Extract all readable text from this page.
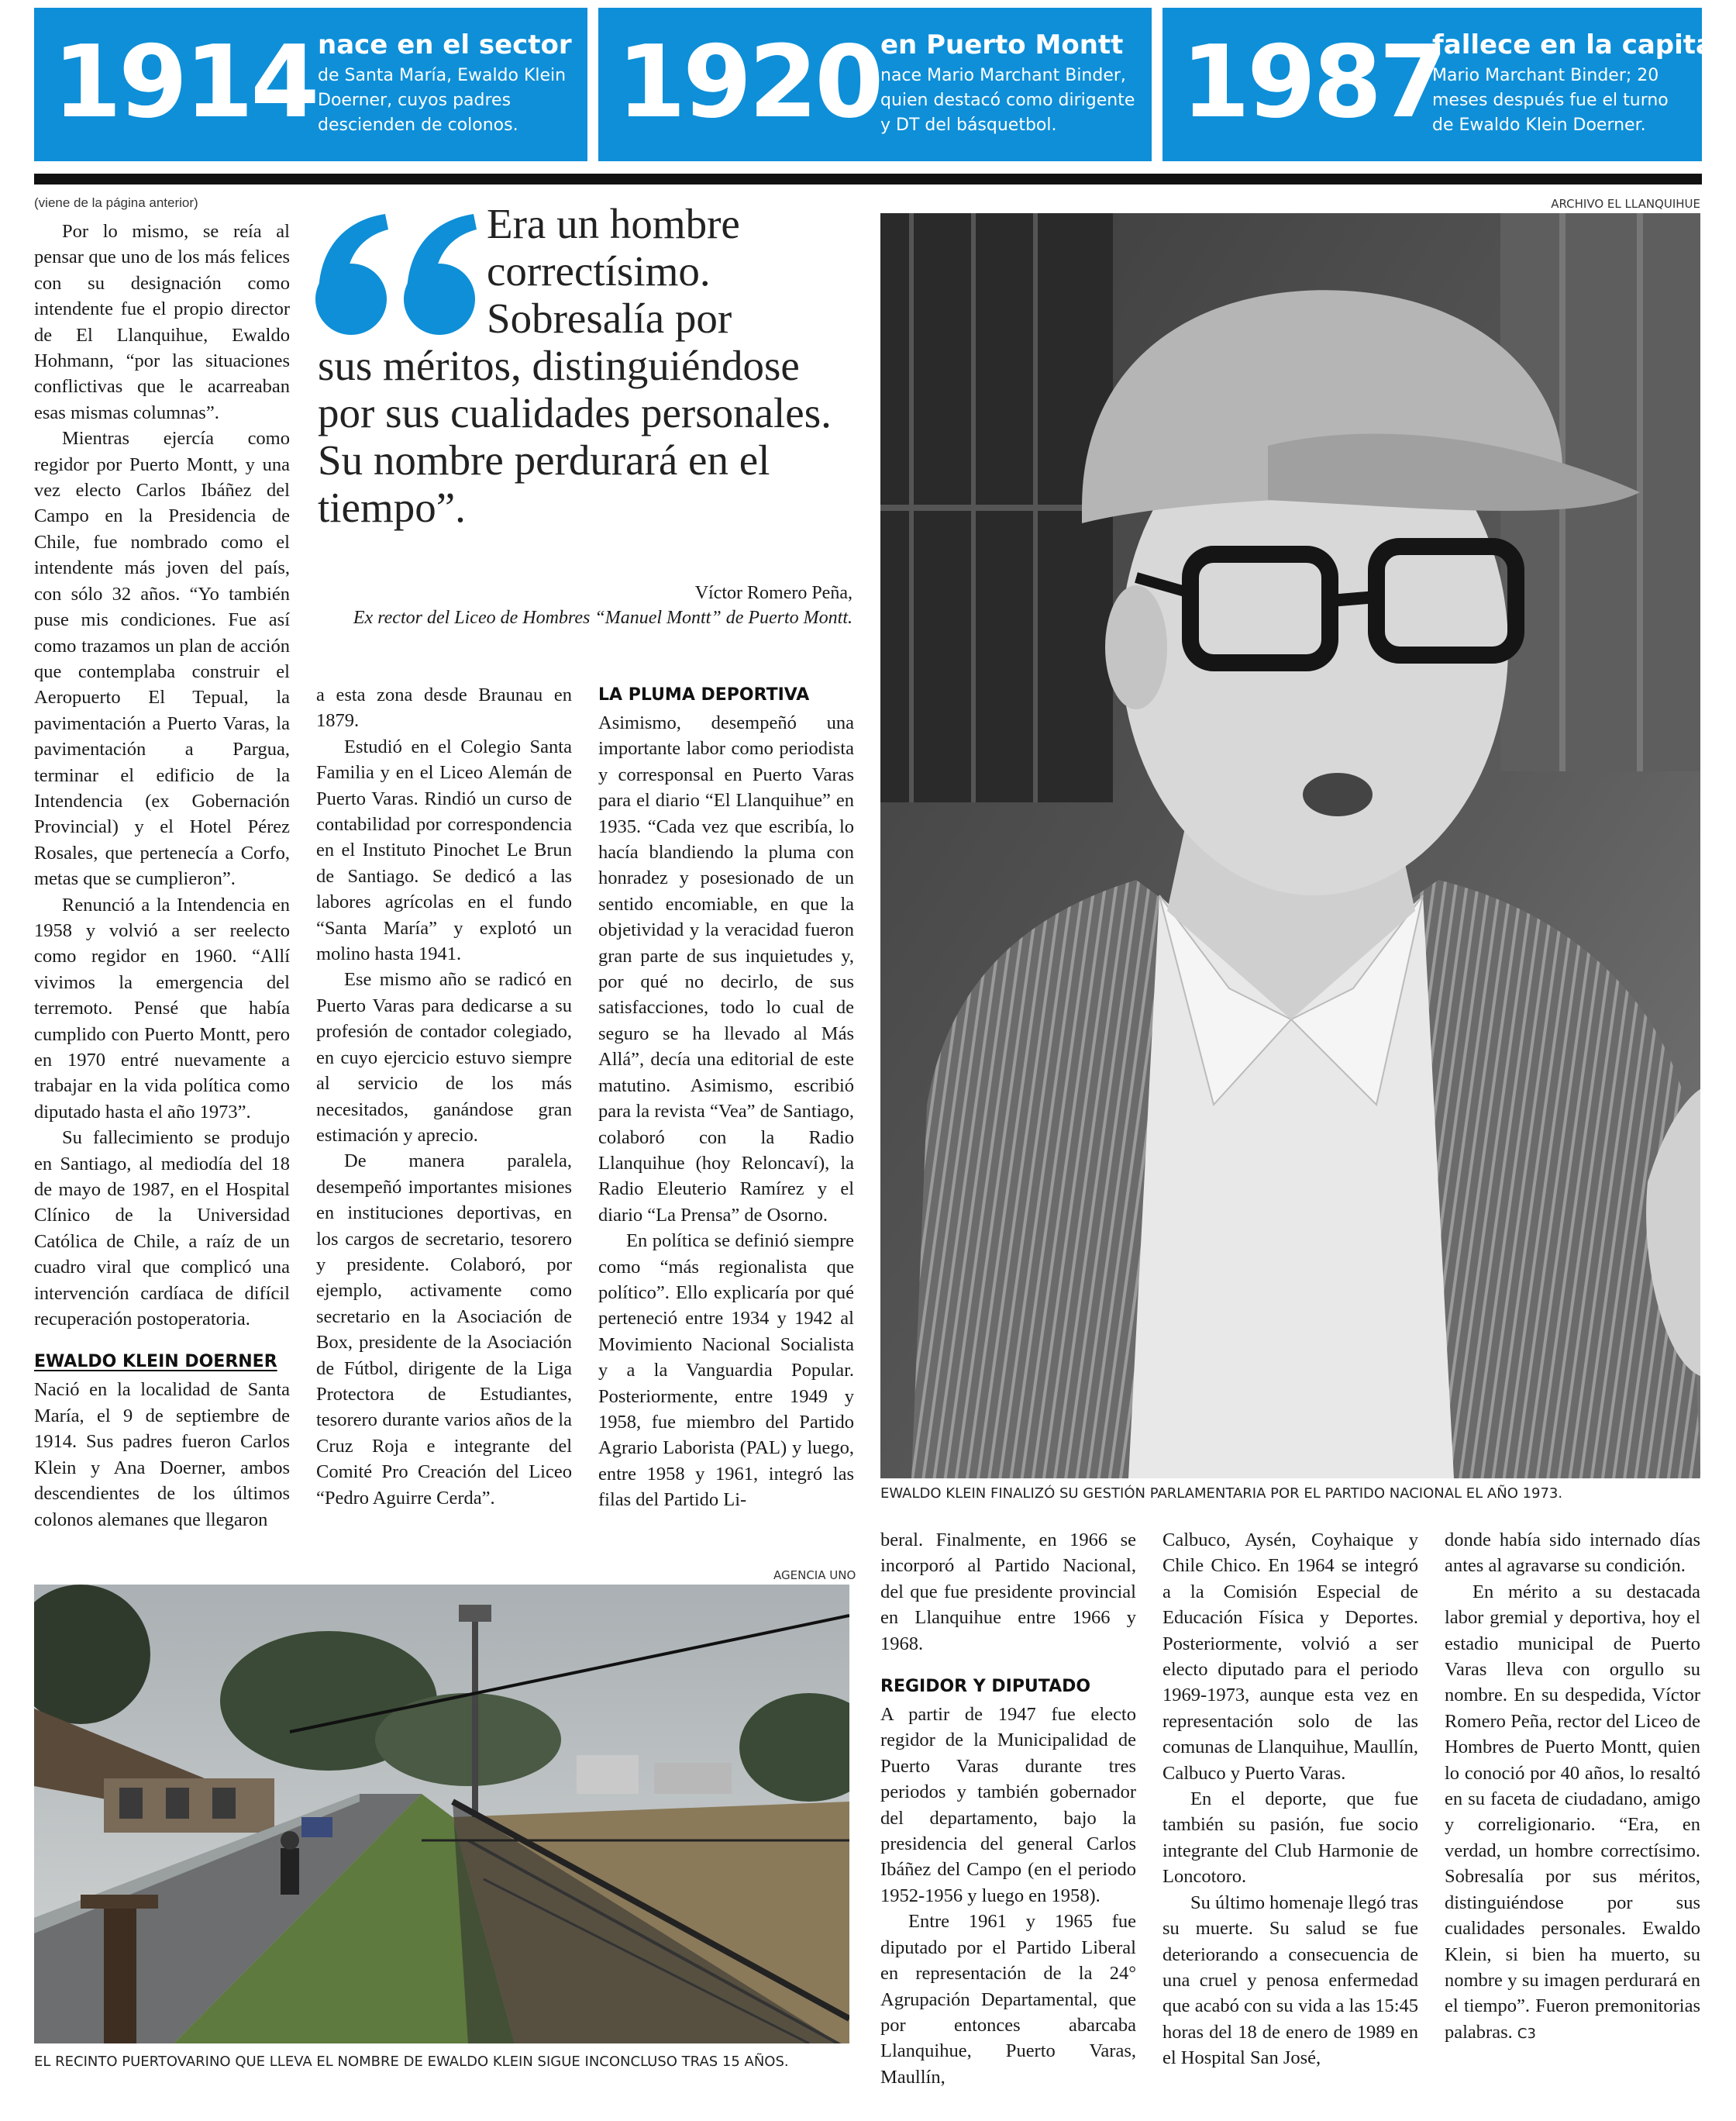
1914 nace en el sector
de Santa María, Ewaldo Klein Doerner, cuyos padres descienden de colonos. 1920 en Puerto Montt
nace Mario Marchant Binder, quien destacó como dirigente y DT del básquetbol.	1987
fallece en la capital
Mario Marchant Binder; 20 meses después fue el turno de Ewaldo Klein Doerner.
(viene de la página anterior)

Por lo mismo, se reía al pensar que uno de los más felices con su designación como intendente fue el propio director de El Llanquihue, Ewaldo Hohmann, “por las situaciones conflictivas que le acarreaban esas mismas columnas”.

Mientras ejercía como regidor por Puerto Montt, y una vez electo Carlos Ibáñez del Campo en la Presidencia de Chile, fue nombrado como el intendente más joven del país, con sólo 32 años. “Yo también puse mis condiciones. Fue así como trazamos un plan de acción que contemplaba construir el Aeropuerto El Tepual, la pavimentación a Puerto Varas, la pavimentación a Pargua, terminar el edificio de la Intendencia (ex Gobernación Provincial) y el Hotel Pérez Rosales, que pertenecía a Corfo, metas que se cumplieron”.

Renunció a la Intendencia en 1958 y volvió a ser reelecto como regidor en 1960. “Allí vivimos la emergencia del terremoto. Pensé que había cumplido con Puerto Montt, pero en 1970 entré nuevamente a trabajar en la vida política como diputado hasta el año 1973”.

Su fallecimiento se produjo en Santiago, al mediodía del 18 de mayo de 1987, en el Hospital Clínico de la Universidad Católica de Chile, a raíz de un cuadro viral que complicó una intervención cardíaca de difícil recuperación postoperatoria.

EWALDO KLEIN DOERNER

Nació en la localidad de Santa María, el 9 de septiembre de 1914. Sus padres fueron Carlos Klein y Ana Doerner, ambos descendientes de los últimos colonos alemanes que llegaron

Era un hombre correctísimo. Sobresalía por
sus méritos, distinguiéndose por sus cualidades personales. Su nombre perdurará en el tiempo”.
Víctor Romero Peña,
Ex rector del Liceo de Hombres “Manuel Montt” de Puerto Montt.

a esta zona desde Braunau en 1879.

Estudió en el Colegio Santa Familia y en el Liceo Alemán de Puerto Varas. Rindió un curso de contabilidad por correspondencia en el Instituto Pinochet Le Brun de Santiago. Se dedicó a las labores agrícolas en el fundo “Santa María” y explotó un molino hasta 1941.

Ese mismo año se radicó en Puerto Varas para dedicarse a su profesión de contador colegiado, en cuyo ejercicio estuvo siempre al servicio de los más necesitados, ganándose gran estimación y aprecio.

De manera paralela, desempeñó importantes misiones en instituciones deportivas, en los cargos de secretario, tesorero y presidente. Colaboró, por ejemplo, activamente como secretario en la Asociación de Box, presidente de la Asociación de Fútbol, dirigente de la Liga Protectora de Estudiantes, tesorero durante varios años de la Cruz Roja e integrante del Comité Pro Creación del Liceo “Pedro Aguirre Cerda”.

LA PLUMA DEPORTIVA

Asimismo, desempeñó una importante labor como periodista y corresponsal en Puerto Varas para el diario “El Llanquihue” en 1935. “Cada vez que escribía, lo hacía blandiendo la pluma con honradez y posesionado de un sentido encomiable, en que la objetividad y la veracidad fueron gran parte de sus inquietudes y, por qué no decirlo, de sus satisfacciones, todo lo cual de seguro se ha llevado al Más Allá”, decía una editorial de este matutino. Asimismo, escribió para la revista “Vea” de Santiago, colaboró con la Radio Llanquihue (hoy Reloncaví), la Radio Eleuterio Ramírez y el diario “La Prensa” de Osorno.

En política se definió siempre como “más regionalista que político”. Ello explicaría por qué perteneció entre 1934 y 1942 al Movimiento Nacional Socialista y a la Vanguardia Popular. Posteriormente, entre 1949 y 1958, fue miembro del Partido Agrario Laborista (PAL) y luego, entre 1958 y 1961, integró las filas del Partido Li-

ARCHIVO EL LLANQUIHUE
EWALDO KLEIN FINALIZÓ SU GESTIÓN PARLAMENTARIA POR EL PARTIDO NACIONAL EL AÑO 1973.
AGENCIA UNO
EL RECINTO PUERTOVARINO QUE LLEVA EL NOMBRE DE EWALDO KLEIN SIGUE INCONCLUSO TRAS 15 AÑOS.

beral. Finalmente, en 1966 se incorporó al Partido Nacional, del que fue presidente provincial en Llanquihue entre 1966 y 1968.

REGIDOR Y DIPUTADO

A partir de 1947 fue electo regidor de la Municipalidad de Puerto Varas durante tres periodos y también gobernador del departamento, bajo la presidencia del general Carlos Ibáñez del Campo (en el periodo 1952-1956 y luego en 1958).

Entre 1961 y 1965 fue diputado por el Partido Liberal en representación de la 24° Agrupación Departamental, que por entonces abarcaba Llanquihue, Puerto Varas, Maullín,

Calbuco, Aysén, Coyhaique y Chile Chico. En 1964 se integró a la Comisión Especial de Educación Física y Deportes. Posteriormente, volvió a ser electo diputado para el periodo 1969-1973, aunque esta vez en representación solo de las comunas de Llanquihue, Maullín, Calbuco y Puerto Varas.

En el deporte, que fue también su pasión, fue socio integrante del Club Harmonie de Loncotoro.

Su último homenaje llegó tras su muerte. Su salud se fue deteriorando a consecuencia de una cruel y penosa enfermedad que acabó con su vida a las 15:45 horas del 18 de enero de 1989 en el Hospital San José,

donde había sido internado días antes al agravarse su condición.

En mérito a su destacada labor gremial y deportiva, hoy el estadio municipal de Puerto Varas lleva con orgullo su nombre. En su despedida, Víctor Romero Peña, rector del Liceo de Hombres de Puerto Montt, quien lo conoció por 40 años, lo resaltó en su faceta de ciudadano, amigo y correligionario. “Era, en verdad, un hombre correctísimo. Sobresalía por sus méritos, distinguiéndose por sus cualidades personales. Ewaldo Klein, si bien ha muerto, su nombre y su imagen perdurará en el tiempo”. Fueron premonitorias palabras. C3
